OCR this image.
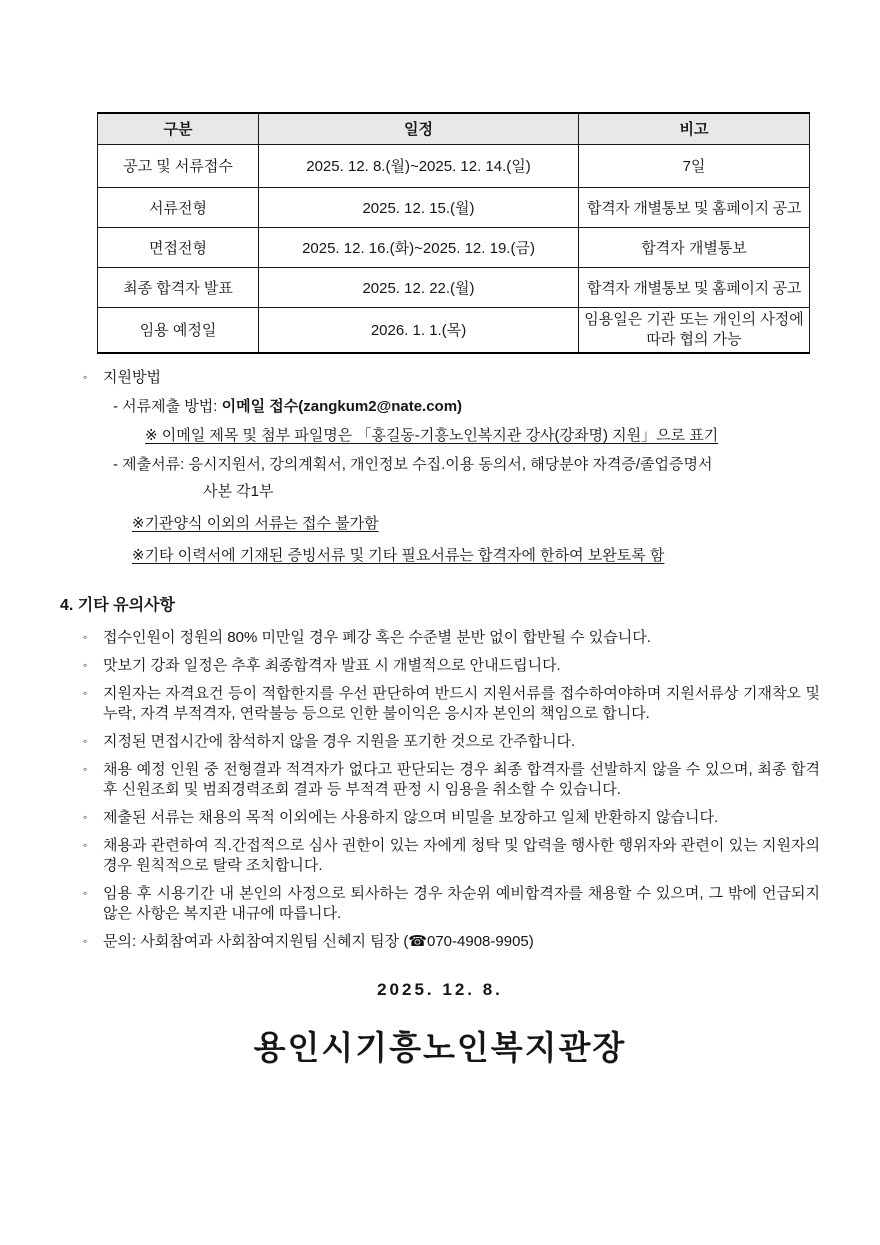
구분	일정	비고
공고 및 서류접수	2025. 12. 8.(월)~2025. 12. 14.(일)	7일
서류전형	2025. 12. 15.(월)	합격자 개별통보 및 홈페이지 공고
면접전형	2025. 12. 16.(화)~2025. 12. 19.(금)	합격자 개별통보
최종 합격자 발표	2025. 12. 22.(월)	합격자 개별통보 및 홈페이지 공고
임용 예정일	2026. 1. 1.(목)	임용일은 기관 또는 개인의 사정에 따라 협의 가능
◦	지원방법
- 서류제출 방법: 이메일 접수(zangkum2@nate.com)
※ 이메일 제목 및 첨부 파일명은 「홍길동-기흥노인복지관 강사(강좌명) 지원」으로 표기
- 제출서류: 응시지원서, 강의계획서, 개인정보 수집.이용 동의서, 해당분야 자격증/졸업증명서
사본 각1부
※기관양식 이외의 서류는 접수 불가함
※기타 이력서에 기재된 증빙서류 및 기타 필요서류는 합격자에 한하여 보완토록 함
4. 기타 유의사항
◦	접수인원이 정원의 80% 미만일 경우 폐강 혹은 수준별 분반 없이 합반될 수 있습니다.
◦	맛보기 강좌 일정은 추후 최종합격자 발표 시 개별적으로 안내드립니다.
◦	지원자는 자격요건 등이 적합한지를 우선 판단하여 반드시 지원서류를 접수하여야하며 지원서류상 기재착오 및 누락, 자격 부적격자, 연락불능 등으로 인한 불이익은 응시자 본인의 책임으로 합니다.
◦	지정된 면접시간에 참석하지 않을 경우 지원을 포기한 것으로 간주합니다.
◦	채용 예정 인원 중 전형결과 적격자가 없다고 판단되는 경우 최종 합격자를 선발하지 않을 수 있으며, 최종 합격 후 신원조회 및 범죄경력조회 결과 등 부적격 판정 시 임용을 취소할 수 있습니다.
◦	제출된 서류는 채용의 목적 이외에는 사용하지 않으며 비밀을 보장하고 일체 반환하지 않습니다.
◦	채용과 관련하여 직.간접적으로 심사 권한이 있는 자에게 청탁 및 압력을 행사한 행위자와 관련이 있는 지원자의 경우 원칙적으로 탈락 조치합니다.
◦	임용 후 시용기간 내 본인의 사정으로 퇴사하는 경우 차순위 예비합격자를 채용할 수 있으며, 그 밖에 언급되지 않은 사항은 복지관 내규에 따릅니다.
◦	문의: 사회참여과 사회참여지원팀 신혜지 팀장 (☎070-4908-9905)
2025. 12. 8.
용인시기흥노인복지관장
